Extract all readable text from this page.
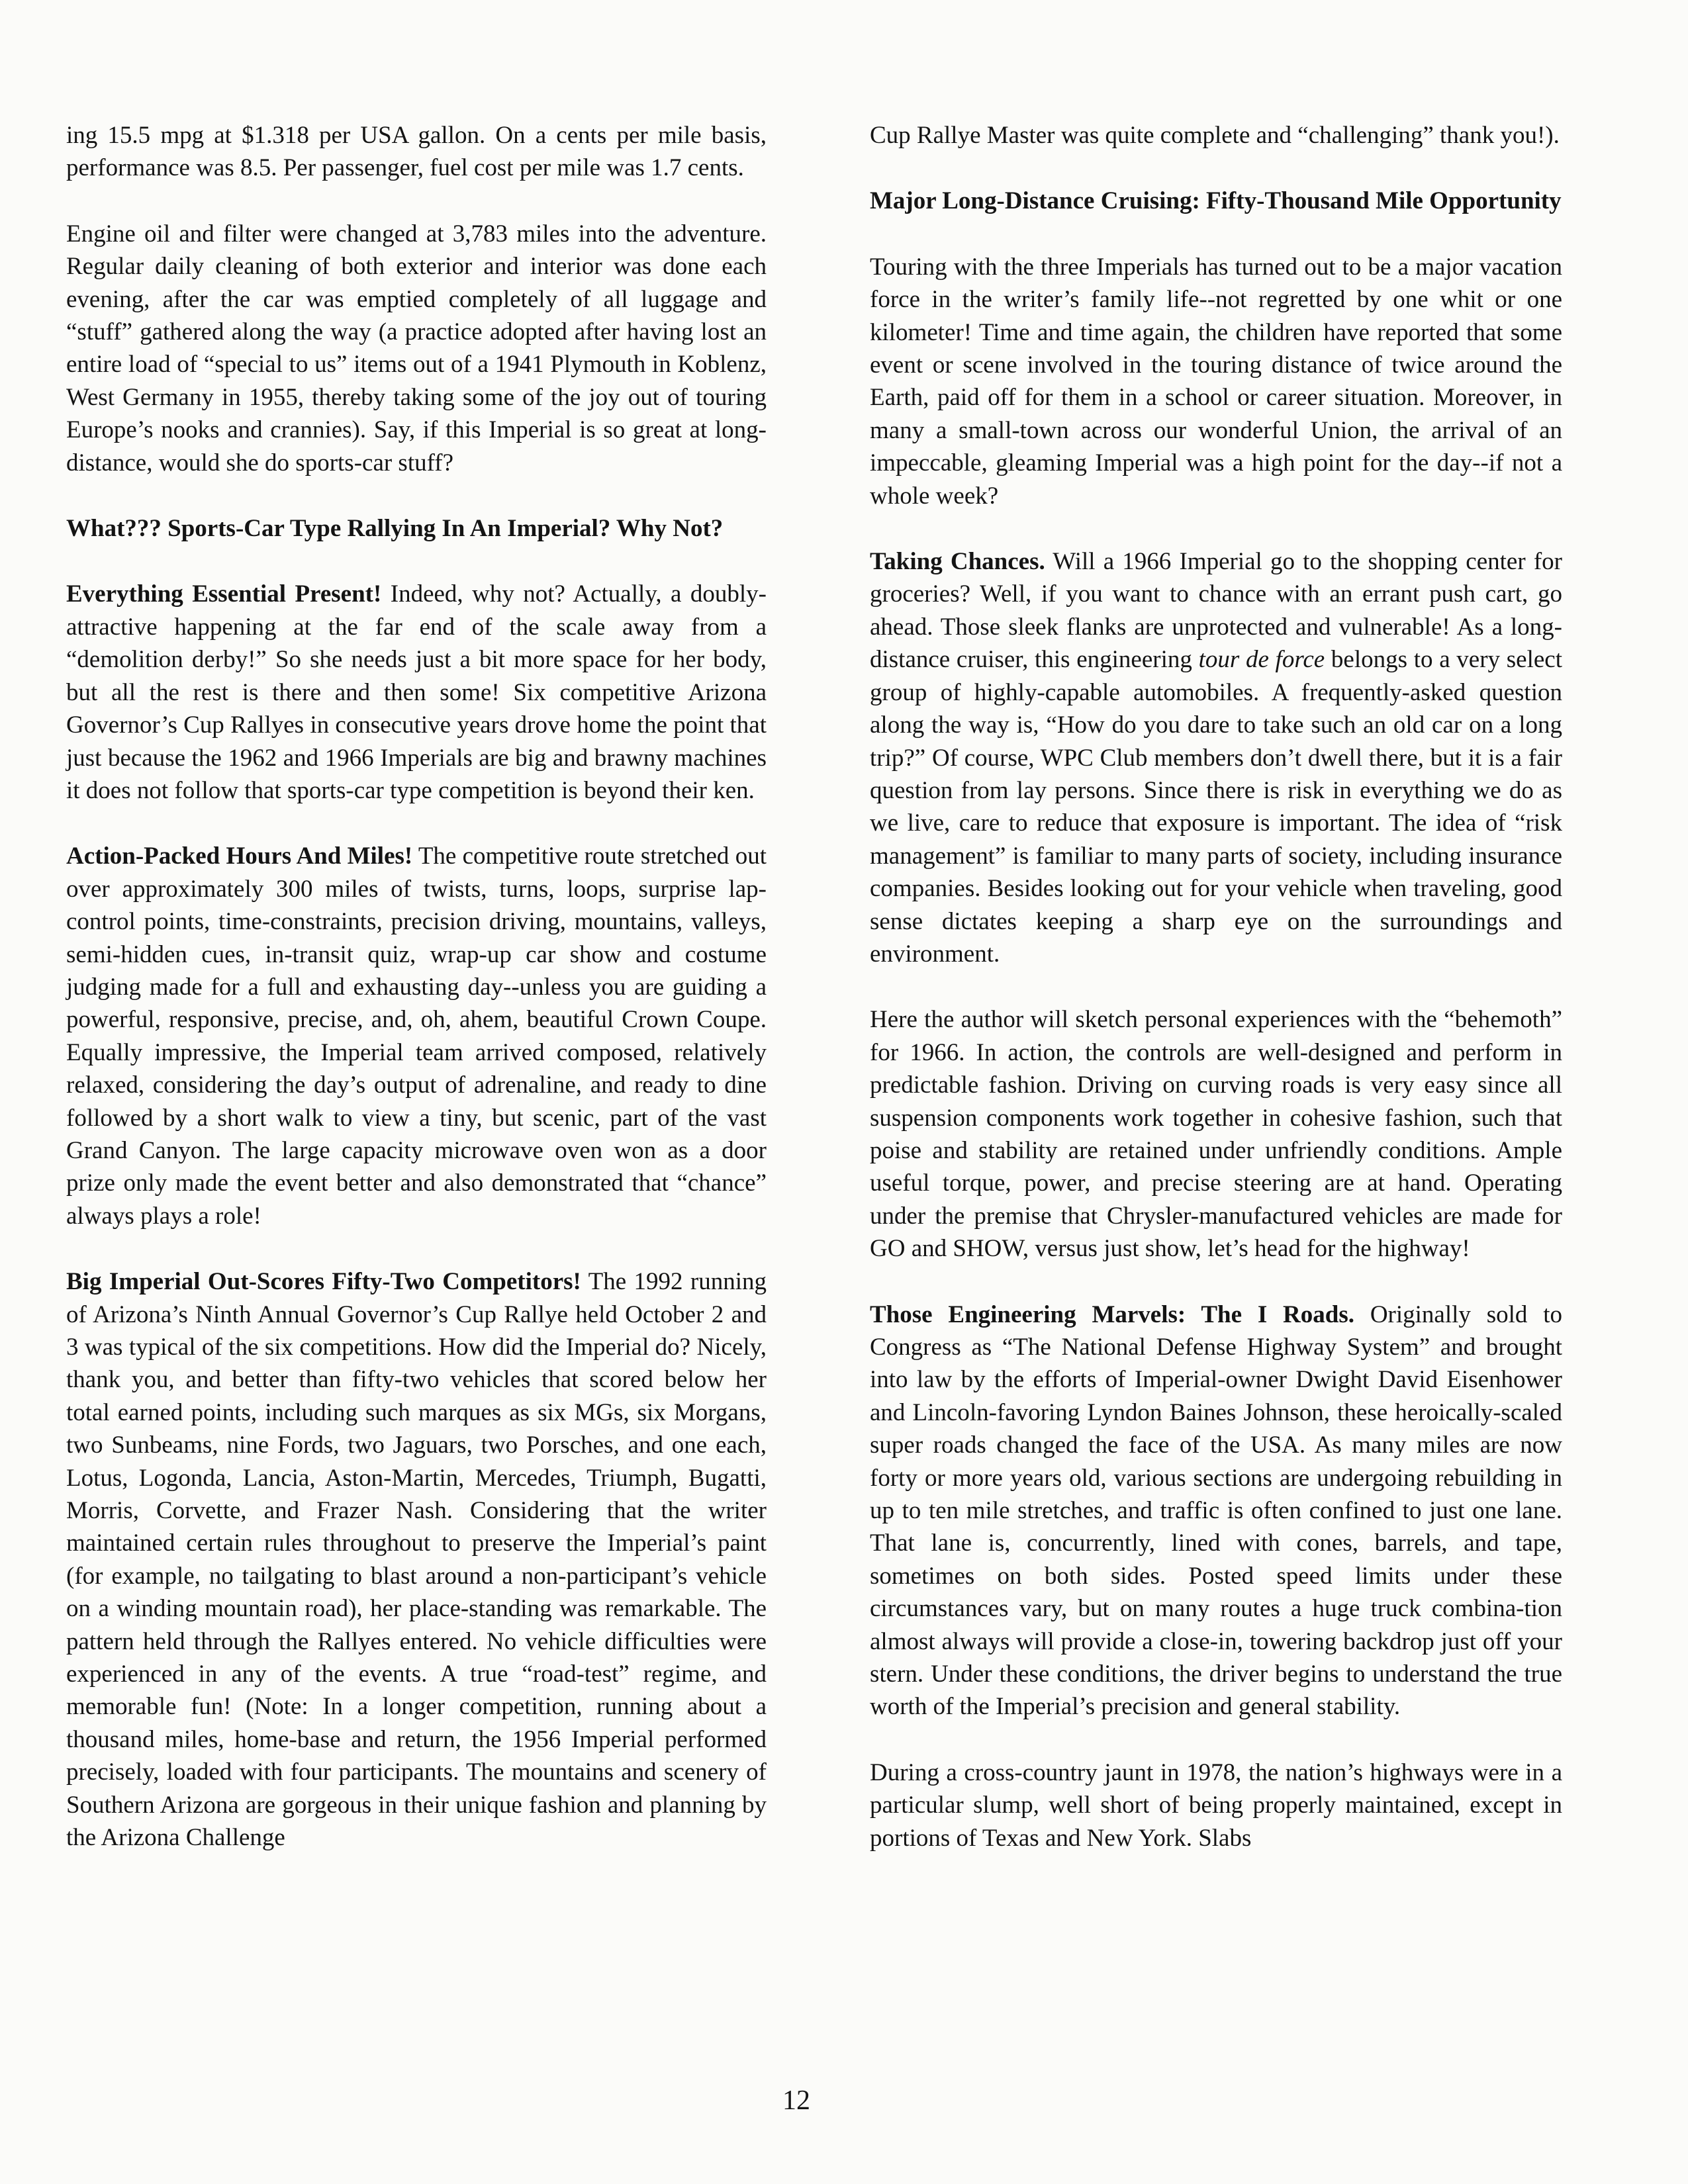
ing 15.5 mpg at $1.318 per USA gallon. On a cents per mile basis, performance was 8.5. Per passenger, fuel cost per mile was 1.7 cents.

Engine oil and filter were changed at 3,783 miles into the adventure. Regular daily cleaning of both exterior and interior was done each evening, after the car was emptied completely of all luggage and “stuff” gathered along the way (a practice adopted after having lost an entire load of “special to us” items out of a 1941 Plymouth in Koblenz, West Germany in 1955, thereby taking some of the joy out of touring Europe’s nooks and crannies). Say, if this Imperial is so great at long-distance, would she do sports-car stuff?

What??? Sports-Car Type Rallying In An Imperial? Why Not?

Everything Essential Present! Indeed, why not? Actually, a doubly-attractive happening at the far end of the scale away from a “demolition derby!” So she needs just a bit more space for her body, but all the rest is there and then some! Six competitive Arizona Governor’s Cup Rallyes in consecutive years drove home the point that just because the 1962 and 1966 Imperials are big and brawny machines it does not follow that sports-car type competition is beyond their ken.

Action-Packed Hours And Miles! The competitive route stretched out over approximately 300 miles of twists, turns, loops, surprise lap-control points, time-constraints, precision driving, mountains, valleys, semi-hidden cues, in-transit quiz, wrap-up car show and costume judging made for a full and exhausting day--unless you are guiding a powerful, responsive, precise, and, oh, ahem, beautiful Crown Coupe. Equally impressive, the Imperial team arrived composed, relatively relaxed, considering the day’s output of adrenaline, and ready to dine followed by a short walk to view a tiny, but scenic, part of the vast Grand Canyon. The large capacity microwave oven won as a door prize only made the event better and also demonstrated that “chance” always plays a role!

Big Imperial Out-Scores Fifty-Two Competitors! The 1992 running of Arizona’s Ninth Annual Governor’s Cup Rallye held October 2 and 3 was typical of the six competitions. How did the Imperial do? Nicely, thank you, and better than fifty-two vehicles that scored below her total earned points, including such marques as six MGs, six Morgans, two Sunbeams, nine Fords, two Jaguars, two Porsches, and one each, Lotus, Logonda, Lancia, Aston-Martin, Mercedes, Triumph, Bugatti, Morris, Corvette, and Frazer Nash. Considering that the writer maintained certain rules throughout to preserve the Imperial’s paint (for example, no tailgating to blast around a non-participant’s vehicle on a winding mountain road), her place-standing was remarkable. The pattern held through the Rallyes entered. No vehicle difficulties were experienced in any of the events. A true “road-test” regime, and memorable fun! (Note: In a longer competition, running about a thousand miles, home-base and return, the 1956 Imperial performed precisely, loaded with four participants. The mountains and scenery of Southern Arizona are gorgeous in their unique fashion and planning by the Arizona Challenge

Cup Rallye Master was quite complete and “challenging” thank you!).

Major Long-Distance Cruising: Fifty-Thousand Mile Opportunity

Touring with the three Imperials has turned out to be a major vacation force in the writer’s family life--not regretted by one whit or one kilometer! Time and time again, the children have reported that some event or scene involved in the touring distance of twice around the Earth, paid off for them in a school or career situation. Moreover, in many a small-town across our wonderful Union, the arrival of an impeccable, gleaming Imperial was a high point for the day--if not a whole week?

Taking Chances. Will a 1966 Imperial go to the shopping center for groceries? Well, if you want to chance with an errant push cart, go ahead. Those sleek flanks are unprotected and vulnerable! As a long-distance cruiser, this engineering tour de force belongs to a very select group of highly-capable automobiles. A frequently-asked question along the way is, “How do you dare to take such an old car on a long trip?” Of course, WPC Club members don’t dwell there, but it is a fair question from lay persons. Since there is risk in everything we do as we live, care to reduce that exposure is important. The idea of “risk management” is familiar to many parts of society, including insurance companies. Besides looking out for your vehicle when traveling, good sense dictates keeping a sharp eye on the surroundings and environment.

Here the author will sketch personal experiences with the “behemoth” for 1966. In action, the controls are well-designed and perform in predictable fashion. Driving on curving roads is very easy since all suspension components work together in cohesive fashion, such that poise and stability are retained under unfriendly conditions. Ample useful torque, power, and precise steering are at hand. Operating under the premise that Chrysler-manufactured vehicles are made for GO and SHOW, versus just show, let’s head for the highway!

Those Engineering Marvels: The I Roads. Originally sold to Congress as “The National Defense Highway System” and brought into law by the efforts of Imperial-owner Dwight David Eisenhower and Lincoln-favoring Lyndon Baines Johnson, these heroically-scaled super roads changed the face of the USA. As many miles are now forty or more years old, various sections are undergoing rebuilding in up to ten mile stretches, and traffic is often confined to just one lane. That lane is, concurrently, lined with cones, barrels, and tape, sometimes on both sides. Posted speed limits under these circumstances vary, but on many routes a huge truck combina-tion almost always will provide a close-in, towering backdrop just off your stern. Under these conditions, the driver begins to understand the true worth of the Imperial’s precision and general stability.

During a cross-country jaunt in 1978, the nation’s highways were in a particular slump, well short of being properly maintained, except in portions of Texas and New York. Slabs

12
